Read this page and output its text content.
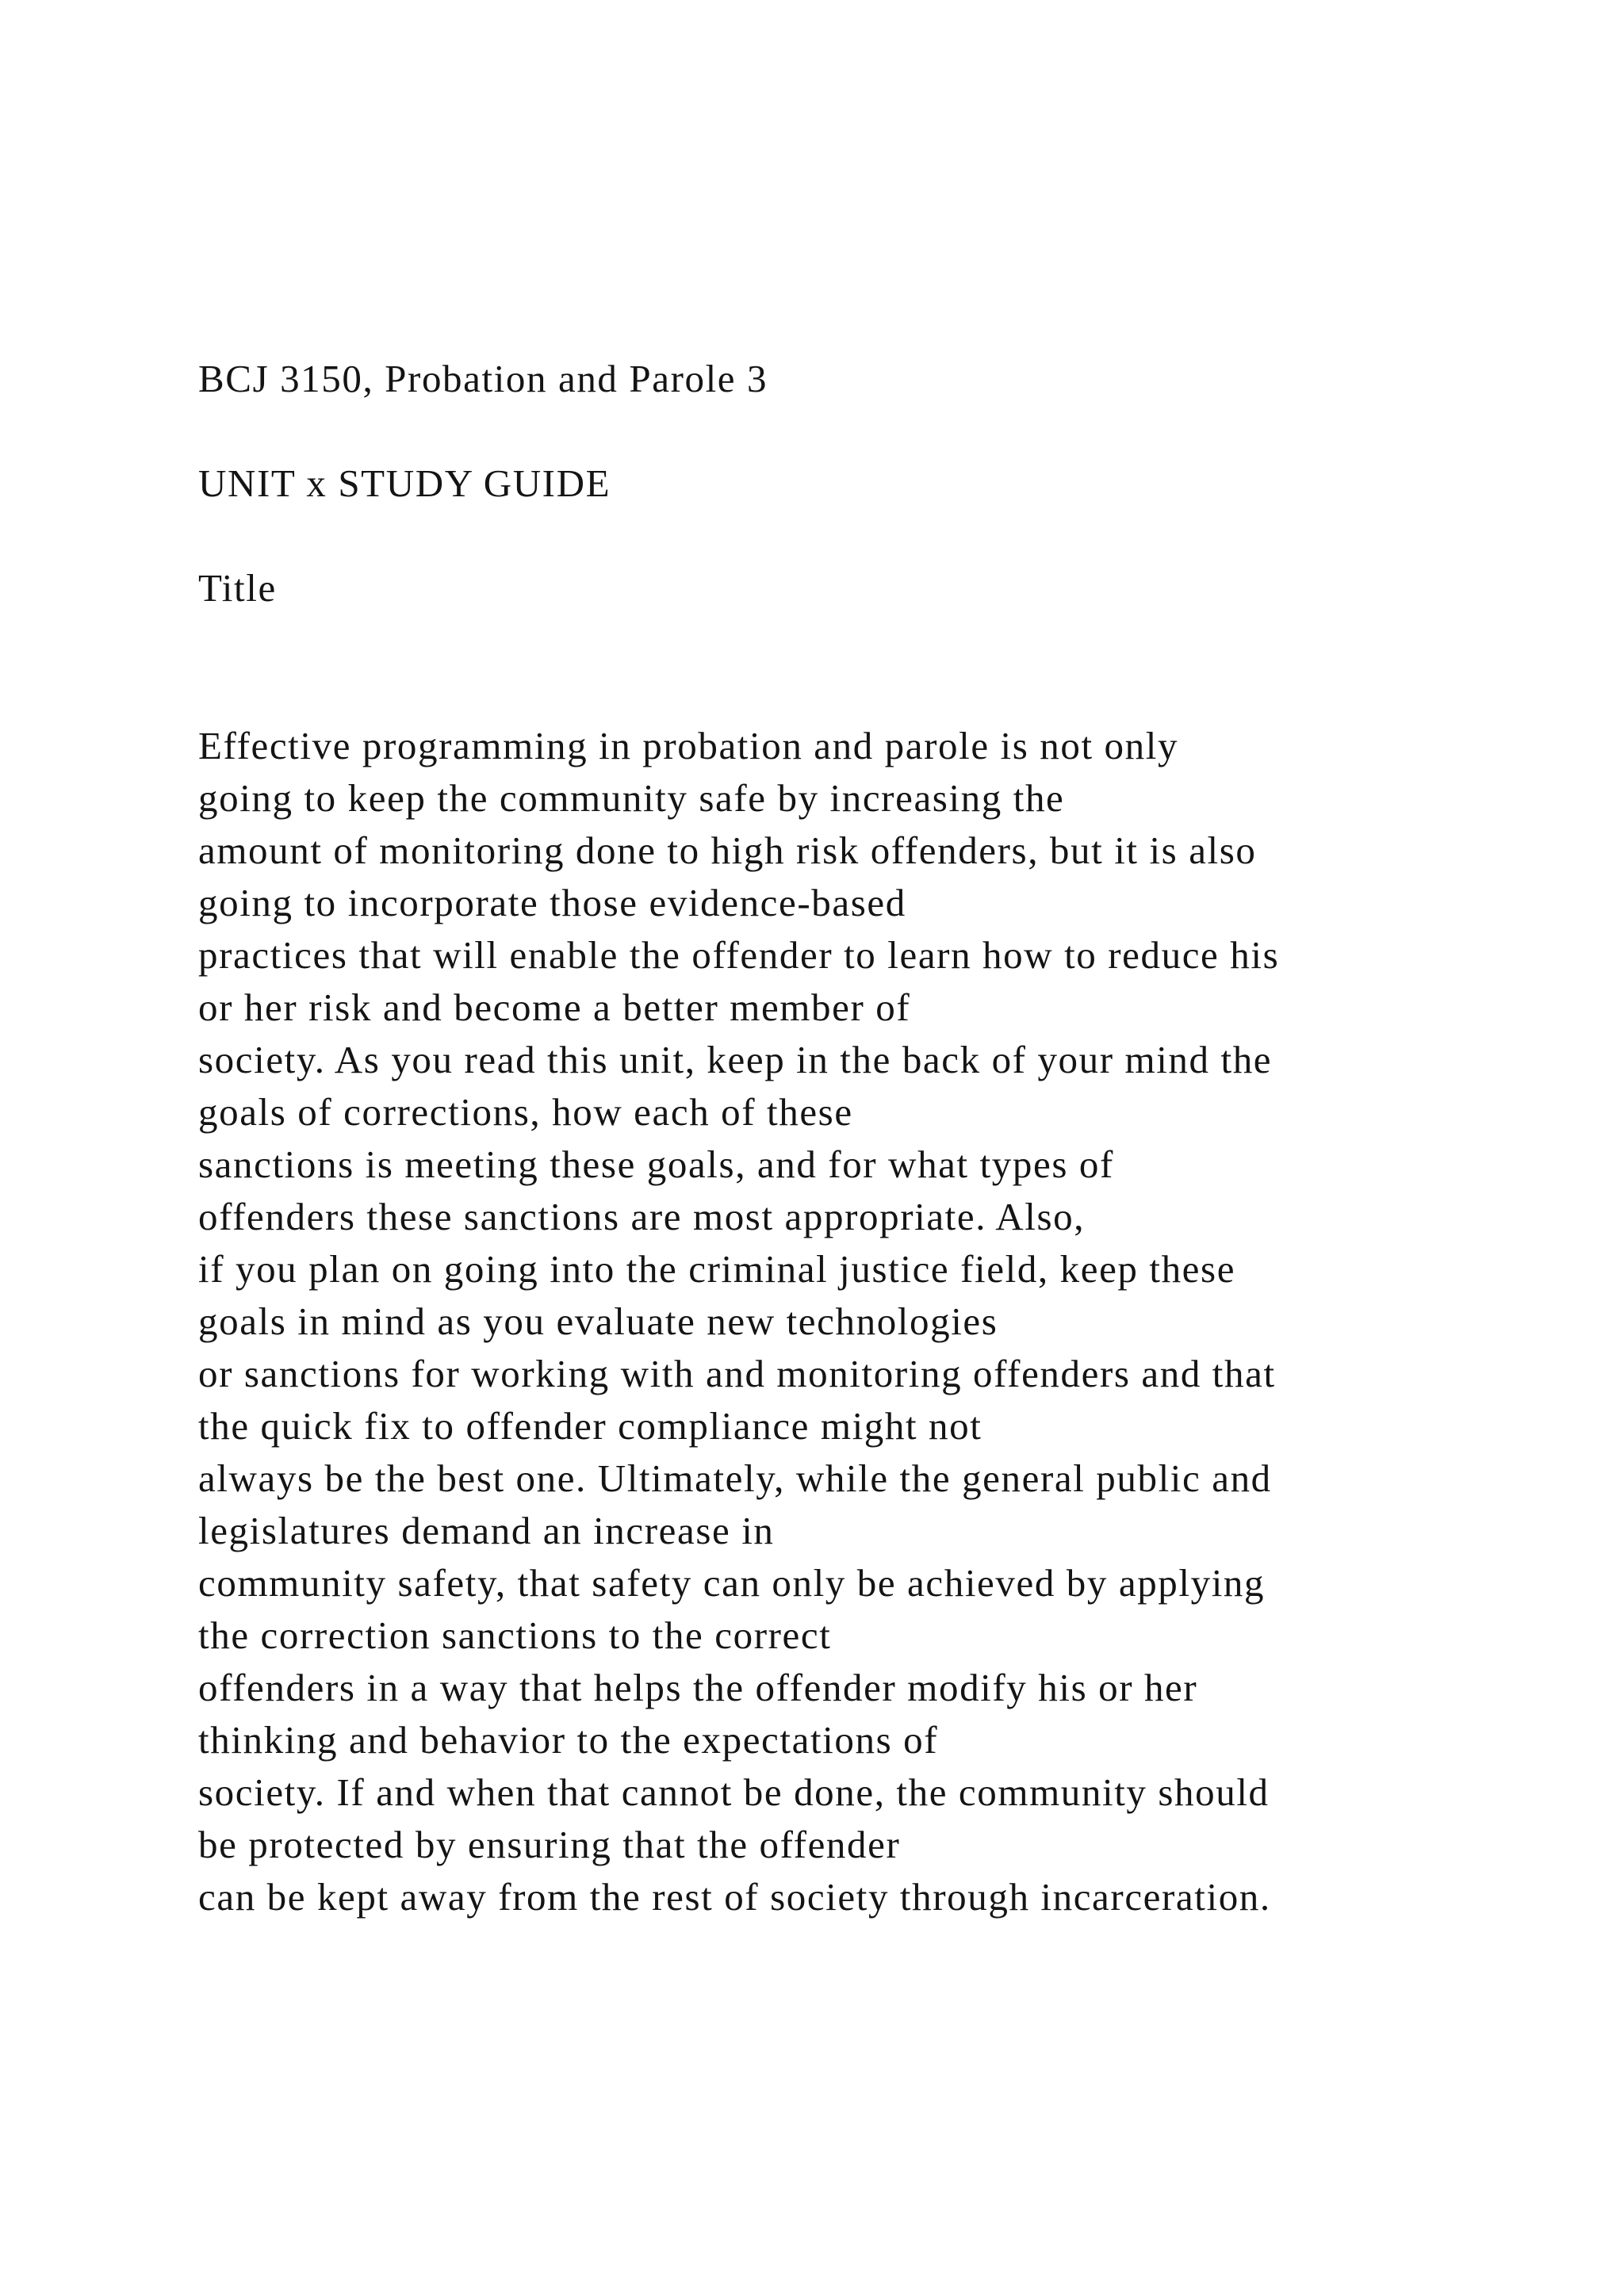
BCJ 3150, Probation and Parole 3

UNIT x STUDY GUIDE

Title

Effective programming in probation and parole is not only

going to keep the community safe by increasing the

amount of monitoring done to high risk offenders, but it is also

going to incorporate those evidence-based

practices that will enable the offender to learn how to reduce his

or her risk and become a better member of

society. As you read this unit, keep in the back of your mind the

goals of corrections, how each of these

sanctions is meeting these goals, and for what types of

offenders these sanctions are most appropriate. Also,

if you plan on going into the criminal justice field, keep these

goals in mind as you evaluate new technologies

or sanctions for working with and monitoring offenders and that

the quick fix to offender compliance might not

always be the best one. Ultimately, while the general public and

legislatures demand an increase in

community safety, that safety can only be achieved by applying

the correction sanctions to the correct

offenders in a way that helps the offender modify his or her

thinking and behavior to the expectations of

society. If and when that cannot be done, the community should

be protected by ensuring that the offender

can be kept away from the rest of society through incarceration.
